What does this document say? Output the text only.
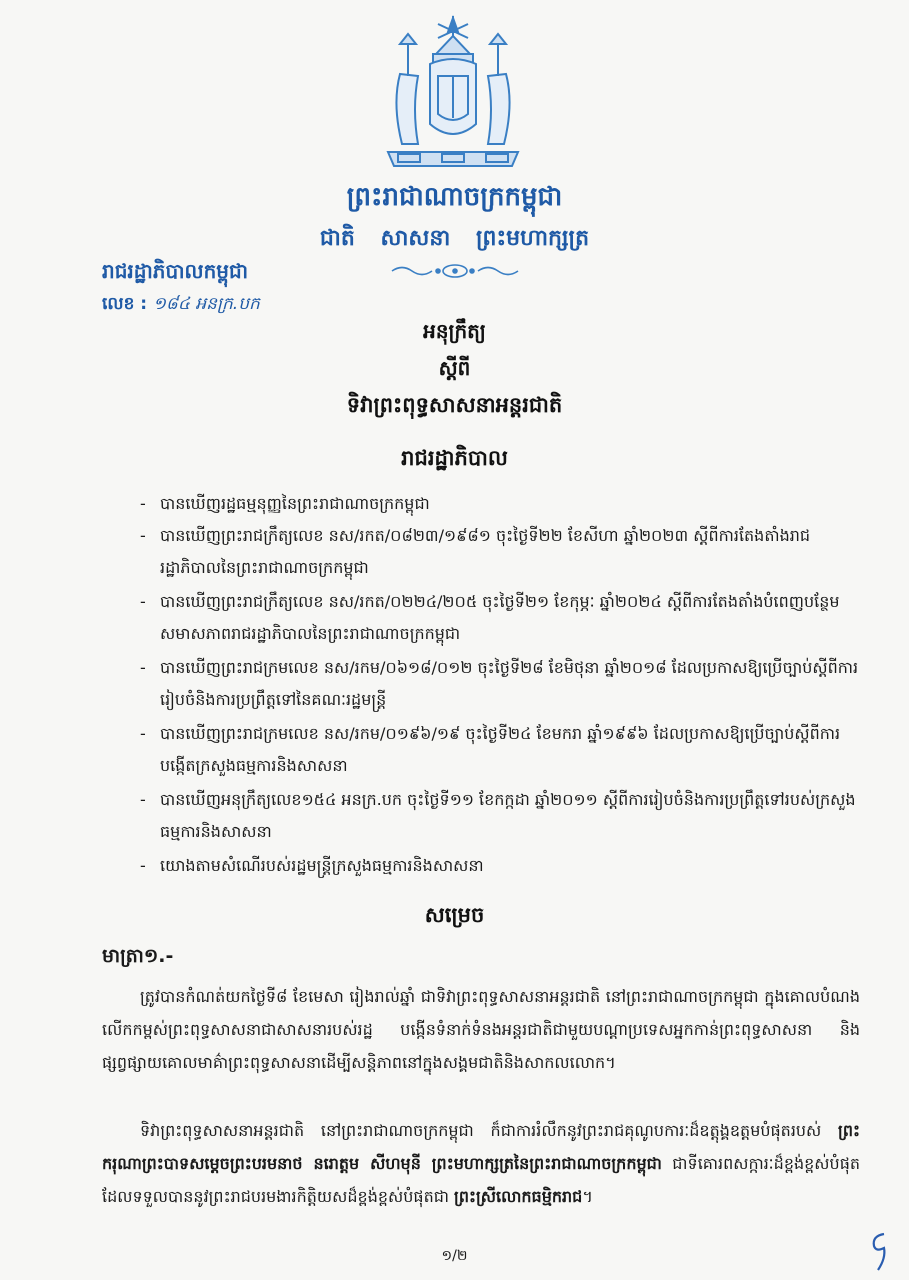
ព្រះរាជាណាចក្រកម្ពុជា
ជាតិ សាសនា ព្រះមហាក្សត្រ
រាជរដ្ឋាភិបាលកម្ពុជា
លេខ : ១៨៤ អនក្រ.បក
អនុក្រឹត្យ
ស្តីពី
ទិវាព្រះពុទ្ធសាសនាអន្តរជាតិ
រាជរដ្ឋាភិបាល
- បានឃើញរដ្ឋធម្មនុញ្ញនៃព្រះរាជាណាចក្រកម្ពុជា
- បានឃើញព្រះរាជក្រឹត្យលេខ នស/រកត/០៨២៣/១៩៨១ ចុះថ្ងៃទី២២ ខែសីហា ឆ្នាំ២០២៣ ស្តីពីការតែងតាំងរាជរដ្ឋាភិបាលនៃព្រះរាជាណាចក្រកម្ពុជា
- បានឃើញព្រះរាជក្រឹត្យលេខ នស/រកត/០២២៤/២០៥ ចុះថ្ងៃទី២១ ខែកុម្ភៈ ឆ្នាំ២០២៤ ស្តីពីការតែងតាំងបំពេញបន្ថែមសមាសភាពរាជរដ្ឋាភិបាលនៃព្រះរាជាណាចក្រកម្ពុជា
- បានឃើញព្រះរាជក្រមលេខ នស/រកម/០៦១៨/០១២ ចុះថ្ងៃទី២៨ ខែមិថុនា ឆ្នាំ២០១៨ ដែលប្រកាសឱ្យប្រើច្បាប់ស្តីពីការរៀបចំនិងការប្រព្រឹត្តទៅនៃគណៈរដ្ឋមន្ត្រី
- បានឃើញព្រះរាជក្រមលេខ នស/រកម/០១៩៦/១៩ ចុះថ្ងៃទី២៤ ខែមករា ឆ្នាំ១៩៩៦ ដែលប្រកាសឱ្យប្រើច្បាប់ស្តីពីការបង្កើតក្រសួងធម្មការនិងសាសនា
- បានឃើញអនុក្រឹត្យលេខ១៥៤ អនក្រ.បក ចុះថ្ងៃទី១១ ខែកក្កដា ឆ្នាំ២០១១ ស្តីពីការរៀបចំនិងការប្រព្រឹត្តទៅរបស់ក្រសួងធម្មការនិងសាសនា
- យោងតាមសំណើរបស់រដ្ឋមន្ត្រីក្រសួងធម្មការនិងសាសនា
សម្រេច
មាត្រា១.-
ត្រូវបានកំណត់យកថ្ងៃទី៨ ខែមេសា រៀងរាល់ឆ្នាំ ជាទិវាព្រះពុទ្ធសាសនាអន្តរជាតិ នៅព្រះរាជាណាចក្រកម្ពុជា ក្នុងគោលបំណងលើកកម្ពស់ព្រះពុទ្ធសាសនាជាសាសនារបស់រដ្ឋ បង្កើនទំនាក់ទំនងអន្តរជាតិជាមួយបណ្តាប្រទេសអ្នកកាន់ព្រះពុទ្ធសាសនា និងផ្សព្វផ្សាយគោលមាគ៌ាព្រះពុទ្ធសាសនាដើម្បីសន្តិភាពនៅក្នុងសង្គមជាតិនិងសាកលលោក។
ទិវាព្រះពុទ្ធសាសនាអន្តរជាតិ នៅព្រះរាជាណាចក្រកម្ពុជា ក៏ជាការរំលឹកនូវព្រះរាជគុណូបការៈដ៏ឧត្តុង្គឧត្តមបំផុតរបស់ ព្រះករុណាព្រះបាទសម្តេចព្រះបរមនាថ នរោត្តម សីហមុនី ព្រះមហាក្សត្រនៃព្រះរាជាណាចក្រកម្ពុជា ជាទីគោរពសក្ការៈដ៏ខ្ពង់ខ្ពស់បំផុត ដែលទទួលបាននូវព្រះរាជបរមងារកិត្តិយសដ៏ខ្ពង់ខ្ពស់បំផុតជា ព្រះស្រីលោកធម្មិករាជ។
១/២
